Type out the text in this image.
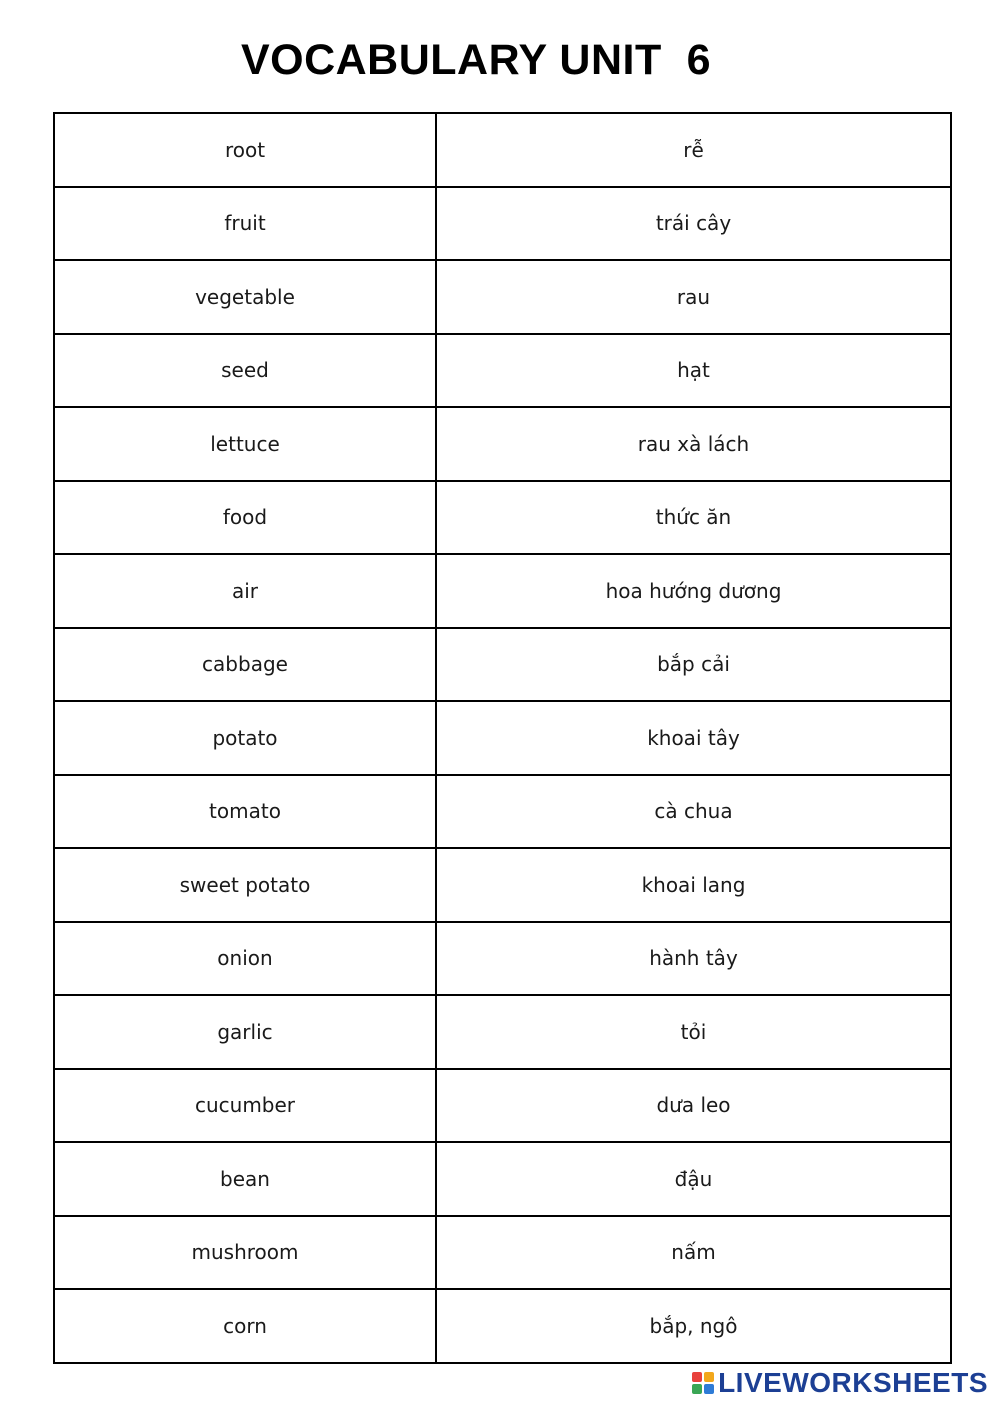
VOCABULARY UNIT  6
root	rễ
fruit	trái cây
vegetable	rau
seed	hạt
lettuce	rau xà lách
food	thức ăn
air	hoa hướng dương
cabbage	bắp cải
potato	khoai tây
tomato	cà chua
sweet potato	khoai lang
onion	hành tây
garlic	tỏi
cucumber	dưa leo
bean	đậu
mushroom	nấm
corn	bắp, ngô
LIVEWORKSHEETS
